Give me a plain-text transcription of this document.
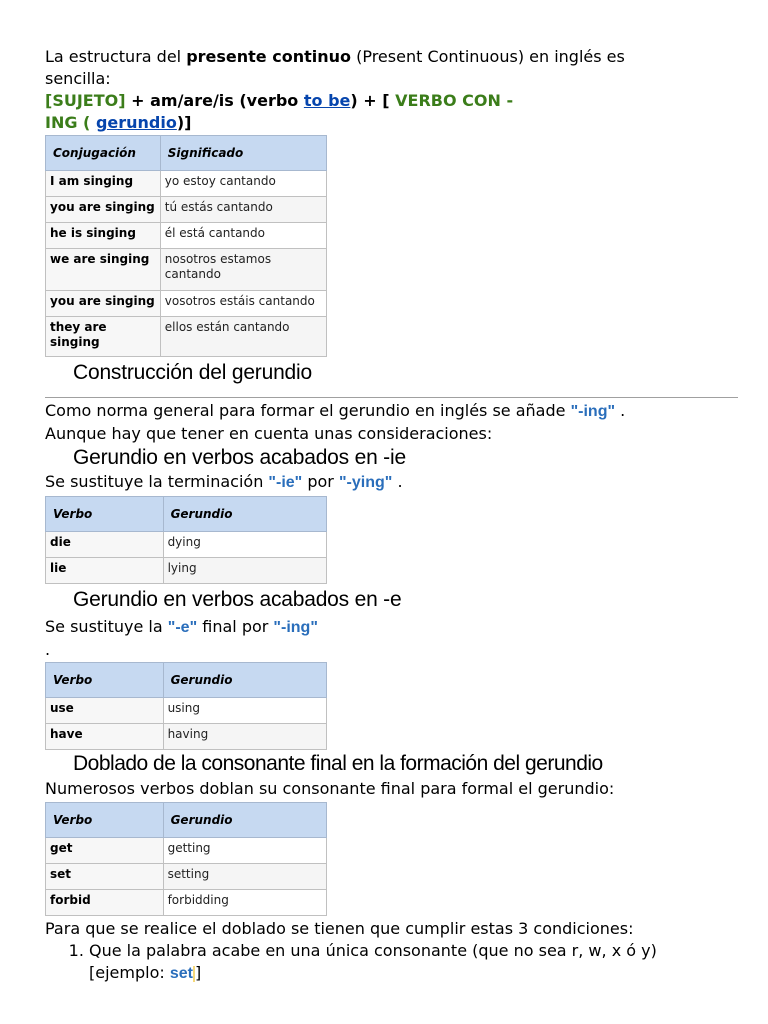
La estructura del presente continuo (Present Continuous) en inglés es
sencilla:

[SUJETO] + am/are/is (verbo to be) + [ VERBO CON -
ING ( gerundio)]

Conjugación	Significado
I am singing	yo estoy cantando
you are singing	tú estás cantando
he is singing	él está cantando
we are singing	nosotros estamos cantando
you are singing	vosotros estáis cantando
they are singing	ellos están cantando
Construcción del gerundio

Como norma general para formar el gerundio en inglés se añade "-ing" .
Aunque hay que tener en cuenta unas consideraciones:

Gerundio en verbos acabados en -ie

Se sustituye la terminación "-ie" por "-ying" .

Verbo	Gerundio
die	dying
lie	lying
Gerundio en verbos acabados en -e

Se sustituye la "-e" final por "-ing"
.

Verbo	Gerundio
use	using
have	having
Doblado de la consonante final en la formación del gerundio

Numerosos verbos doblan su consonante final para formal el gerundio:

Verbo	Gerundio
get	getting
set	setting
forbid	forbidding

Para que se realice el doblado se tienen que cumplir estas 3 condiciones:

1. Que la palabra acabe en una única consonante (que no sea r, w, x ó y)
[ejemplo: set ]
